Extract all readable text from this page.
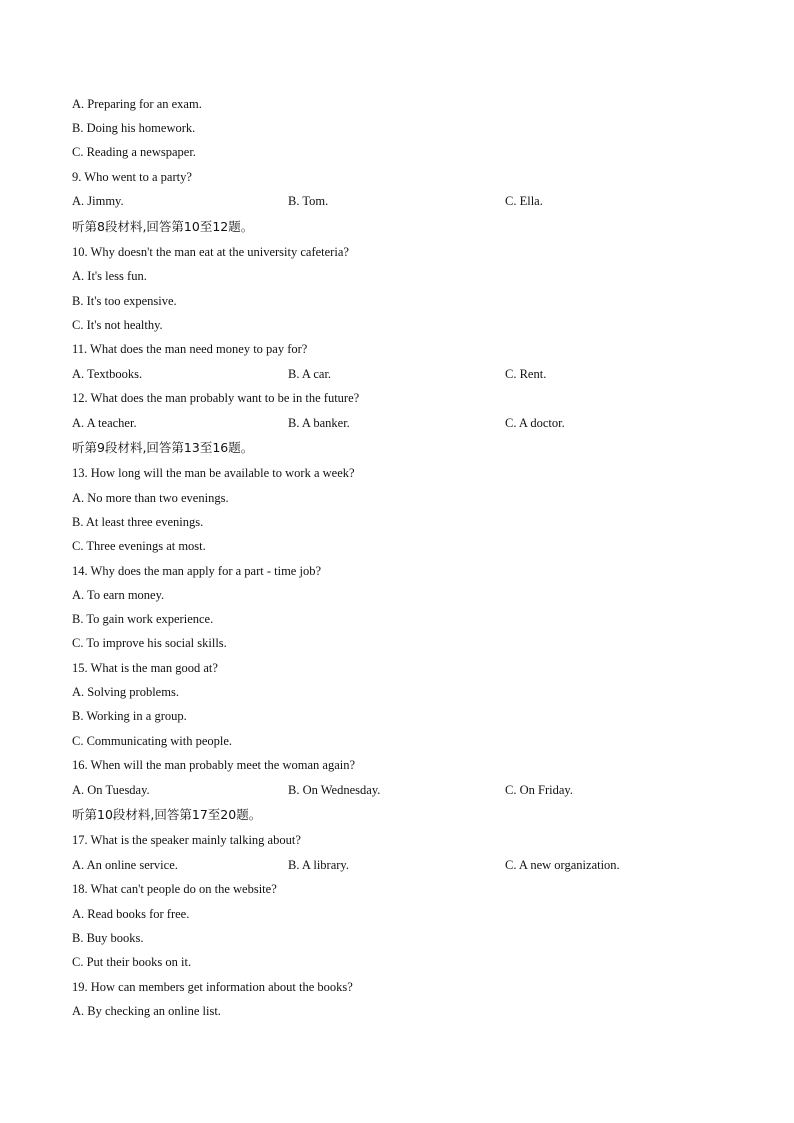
A. Preparing for an exam.
B. Doing his homework.
C. Reading a newspaper.
9. Who went to a party?
A. Jimmy.	B. Tom.	C. Ella.
听第8段材料,回答第10至12题。
10. Why doesn't the man eat at the university cafeteria?
A. It's less fun.
B. It's too expensive.
C. It's not healthy.
11. What does the man need money to pay for?
A. Textbooks.	B. A car.	C. Rent.
12. What does the man probably want to be in the future?
A. A teacher.	B. A banker.	C. A doctor.
听第9段材料,回答第13至16题。
13. How long will the man be available to work a week?
A. No more than two evenings.
B. At least three evenings.
C. Three evenings at most.
14. Why does the man apply for a part - time job?
A. To earn money.
B. To gain work experience.
C. To improve his social skills.
15. What is the man good at?
A. Solving problems.
B. Working in a group.
C. Communicating with people.
16. When will the man probably meet the woman again?
A. On Tuesday.	B. On Wednesday.	C. On Friday.
听第10段材料,回答第17至20题。
17. What is the speaker mainly talking about?
A. An online service.	B. A library.	C. A new organization.
18. What can't people do on the website?
A. Read books for free.
B. Buy books.
C. Put their books on it.
19. How can members get information about the books?
A. By checking an online list.
